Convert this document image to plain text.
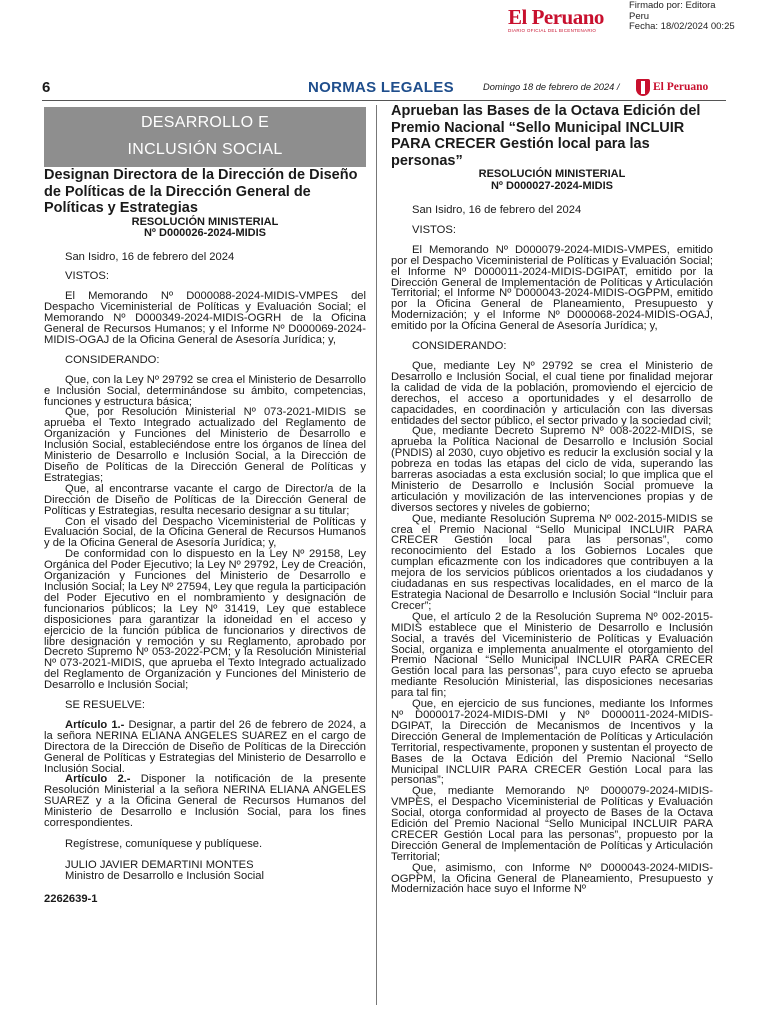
El Peruano
DIARIO OFICIAL DEL BICENTENARIO
Firmado por: Editora
Peru
Fecha: 18/02/2024 00:25
6	NORMAS LEGALES	Domingo 18 de febrero de 2024 /	El Peruano
DESARROLLO E
INCLUSIÓN SOCIAL

Designan Directora de la Dirección de Diseño de Políticas de la Dirección General de Políticas y Estrategias

RESOLUCIÓN MINISTERIAL

Nº D000026-2024-MIDIS

San Isidro, 16 de febrero del 2024

VISTOS:

El Memorando Nº D000088-2024-MIDIS-VMPES del Despacho Viceministerial de Políticas y Evaluación Social; el Memorando Nº D000349-2024-MIDIS-OGRH de la Oficina General de Recursos Humanos; y el Informe Nº D000069-2024-MIDIS-OGAJ de la Oficina General de Asesoría Jurídica; y,

CONSIDERANDO:

Que, con la Ley Nº 29792 se crea el Ministerio de Desarrollo e Inclusión Social, determinándose su ámbito, competencias, funciones y estructura básica;

Que, por Resolución Ministerial Nº 073-2021-MIDIS se aprueba el Texto Integrado actualizado del Reglamento de Organización y Funciones del Ministerio de Desarrollo e Inclusión Social, estableciéndose entre los órganos de línea del Ministerio de Desarrollo e Inclusión Social, a la Dirección de Diseño de Políticas de la Dirección General de Políticas y Estrategias;

Que, al encontrarse vacante el cargo de Director/a de la Dirección de Diseño de Políticas de la Dirección General de Políticas y Estrategias, resulta necesario designar a su titular;

Con el visado del Despacho Viceministerial de Políticas y Evaluación Social, de la Oficina General de Recursos Humanos y de la Oficina General de Asesoría Jurídica; y,

De conformidad con lo dispuesto en la Ley Nº 29158, Ley Orgánica del Poder Ejecutivo; la Ley Nº 29792, Ley de Creación, Organización y Funciones del Ministerio de Desarrollo e Inclusión Social; la Ley Nº 27594, Ley que regula la participación del Poder Ejecutivo en el nombramiento y designación de funcionarios públicos; la Ley Nº 31419, Ley que establece disposiciones para garantizar la idoneidad en el acceso y ejercicio de la función pública de funcionarios y directivos de libre designación y remoción y su Reglamento, aprobado por Decreto Supremo Nº 053-2022-PCM; y la Resolución Ministerial Nº 073-2021-MIDIS, que aprueba el Texto Integrado actualizado del Reglamento de Organización y Funciones del Ministerio de Desarrollo e Inclusión Social;

SE RESUELVE:

Artículo 1.- Designar, a partir del 26 de febrero de 2024, a la señora NERINA ELIANA ANGELES SUAREZ en el cargo de Directora de la Dirección de Diseño de Políticas de la Dirección General de Políticas y Estrategias del Ministerio de Desarrollo e Inclusión Social.

Artículo 2.- Disponer la notificación de la presente Resolución Ministerial a la señora NERINA ELIANA ANGELES SUAREZ y a la Oficina General de Recursos Humanos del Ministerio de Desarrollo e Inclusión Social, para los fines correspondientes.

Regístrese, comuníquese y publíquese.

JULIO JAVIER DEMARTINI MONTES

Ministro de Desarrollo e Inclusión Social

2262639-1

Aprueban las Bases de la Octava Edición del Premio Nacional “Sello Municipal INCLUIR PARA CRECER Gestión local para las personas”

RESOLUCIÓN MINISTERIAL

Nº D000027-2024-MIDIS

San Isidro, 16 de febrero del 2024

VISTOS:

El Memorando Nº D000079-2024-MIDIS-VMPES, emitido por el Despacho Viceministerial de Políticas y Evaluación Social; el Informe Nº D000011-2024-MIDIS-DGIPAT, emitido por la Dirección General de Implementación de Políticas y Articulación Territorial; el Informe Nº D000043-2024-MIDIS-OGPPM, emitido por la Oficina General de Planeamiento, Presupuesto y Modernización; y el Informe Nº D000068-2024-MIDIS-OGAJ, emitido por la Oficina General de Asesoría Jurídica; y,

CONSIDERANDO:

Que, mediante Ley Nº 29792 se crea el Ministerio de Desarrollo e Inclusión Social, el cual tiene por finalidad mejorar la calidad de vida de la población, promoviendo el ejercicio de derechos, el acceso a oportunidades y el desarrollo de capacidades, en coordinación y articulación con las diversas entidades del sector público, el sector privado y la sociedad civil;

Que, mediante Decreto Supremo Nº 008-2022-MIDIS, se aprueba la Política Nacional de Desarrollo e Inclusión Social (PNDIS) al 2030, cuyo objetivo es reducir la exclusión social y la pobreza en todas las etapas del ciclo de vida, superando las barreras asociadas a esta exclusión social; lo que implica que el Ministerio de Desarrollo e Inclusión Social promueve la articulación y movilización de las intervenciones propias y de diversos sectores y niveles de gobierno;

Que, mediante Resolución Suprema Nº 002-2015-MIDIS se crea el Premio Nacional “Sello Municipal INCLUIR PARA CRECER Gestión local para las personas”, como reconocimiento del Estado a los Gobiernos Locales que cumplan eficazmente con los indicadores que contribuyen a la mejora de los servicios públicos orientados a los ciudadanos y ciudadanas en sus respectivas localidades, en el marco de la Estrategia Nacional de Desarrollo e Inclusión Social “Incluir para Crecer”;

Que, el artículo 2 de la Resolución Suprema Nº 002-2015-MIDIS establece que el Ministerio de Desarrollo e Inclusión Social, a través del Viceministerio de Políticas y Evaluación Social, organiza e implementa anualmente el otorgamiento del Premio Nacional “Sello Municipal INCLUIR PARA CRECER Gestión local para las personas”, para cuyo efecto se aprueba mediante Resolución Ministerial, las disposiciones necesarias para tal fin;

Que, en ejercicio de sus funciones, mediante los Informes Nº D000017-2024-MIDIS-DMI y Nº D000011-2024-MIDIS-DGIPAT, la Dirección de Mecanismos de Incentivos y la Dirección General de Implementación de Políticas y Articulación Territorial, respectivamente, proponen y sustentan el proyecto de Bases de la Octava Edición del Premio Nacional “Sello Municipal INCLUIR PARA CRECER Gestión Local para las personas”;

Que, mediante Memorando Nº D000079-2024-MIDIS-VMPES, el Despacho Viceministerial de Políticas y Evaluación Social, otorga conformidad al proyecto de Bases de la Octava Edición del Premio Nacional “Sello Municipal INCLUIR PARA CRECER Gestión Local para las personas”, propuesto por la Dirección General de Implementación de Políticas y Articulación Territorial;

Que, asimismo, con Informe Nº D000043-2024-MIDIS-OGPPM, la Oficina General de Planeamiento, Presupuesto y Modernización hace suyo el Informe Nº
